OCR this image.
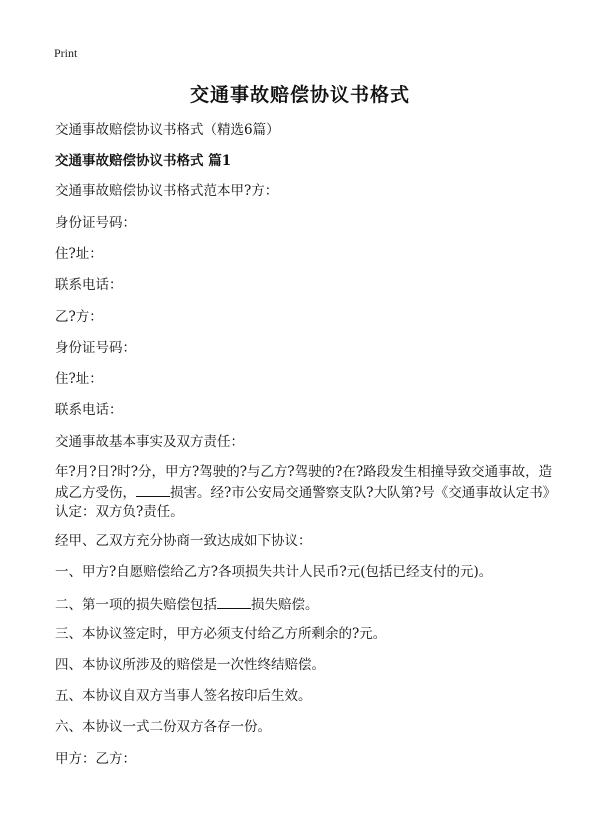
Print
交通事故赔偿协议书格式
交通事故赔偿协议书格式（精选6篇）
交通事故赔偿协议书格式 篇1
交通事故赔偿协议书格式范本甲?方：
身份证号码：
住?址：
联系电话：
乙?方：
身份证号码：
住?址：
联系电话：
交通事故基本事实及双方责任：
年?月?日?时?分，甲方?驾驶的?与乙方?驾驶的?在?路段发生相撞导致交通事故，造成乙方受伤，	损害。经?市公安局交通警察支队?大队第?号《交通事故认定书》认定：双方负?责任。
经甲、乙双方充分协商一致达成如下协议：
一、甲方?自愿赔偿给乙方?各项损失共计人民币?元(包括已经支付的元)。
二、第一项的损失赔偿包括	损失赔偿。
三、本协议签定时，甲方必须支付给乙方所剩余的?元。
四、本协议所涉及的赔偿是一次性终结赔偿。
五、本协议自双方当事人签名按印后生效。
六、本协议一式二份双方各存一份。
甲方：乙方：
